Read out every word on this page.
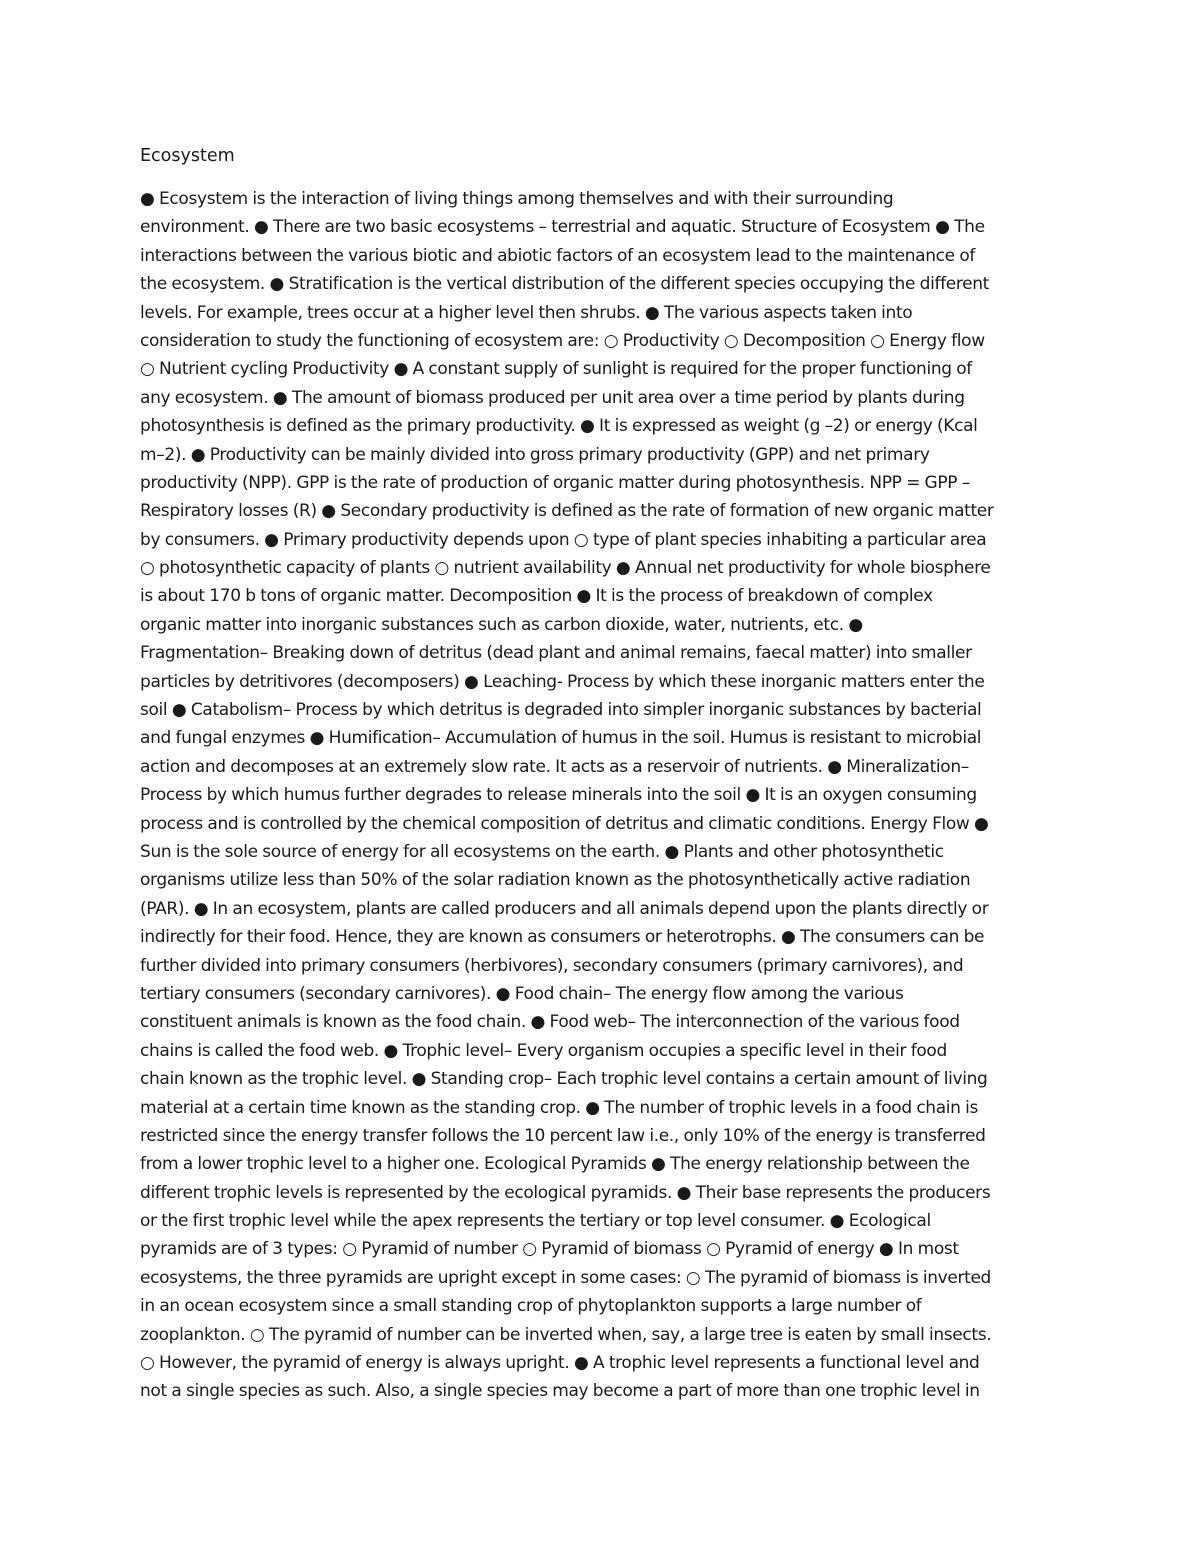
Ecosystem
● Ecosystem is the interaction of living things among themselves and with their surrounding
environment. ● There are two basic ecosystems – terrestrial and aquatic. Structure of Ecosystem ● The
interactions between the various biotic and abiotic factors of an ecosystem lead to the maintenance of
the ecosystem. ● Stratification is the vertical distribution of the different species occupying the different
levels. For example, trees occur at a higher level then shrubs. ● The various aspects taken into
consideration to study the functioning of ecosystem are: ○ Productivity ○ Decomposition ○ Energy flow
○ Nutrient cycling Productivity ● A constant supply of sunlight is required for the proper functioning of
any ecosystem. ● The amount of biomass produced per unit area over a time period by plants during
photosynthesis is defined as the primary productivity. ● It is expressed as weight (g –2) or energy (Kcal
m–2). ● Productivity can be mainly divided into gross primary productivity (GPP) and net primary
productivity (NPP). GPP is the rate of production of organic matter during photosynthesis. NPP = GPP –
Respiratory losses (R) ● Secondary productivity is defined as the rate of formation of new organic matter
by consumers. ● Primary productivity depends upon ○ type of plant species inhabiting a particular area
○ photosynthetic capacity of plants ○ nutrient availability ● Annual net productivity for whole biosphere
is about 170 b tons of organic matter. Decomposition ● It is the process of breakdown of complex
organic matter into inorganic substances such as carbon dioxide, water, nutrients, etc. ●
Fragmentation– Breaking down of detritus (dead plant and animal remains, faecal matter) into smaller
particles by detritivores (decomposers) ● Leaching- Process by which these inorganic matters enter the
soil ● Catabolism– Process by which detritus is degraded into simpler inorganic substances by bacterial
and fungal enzymes ● Humification– Accumulation of humus in the soil. Humus is resistant to microbial
action and decomposes at an extremely slow rate. It acts as a reservoir of nutrients. ● Mineralization–
Process by which humus further degrades to release minerals into the soil ● It is an oxygen consuming
process and is controlled by the chemical composition of detritus and climatic conditions. Energy Flow ●
Sun is the sole source of energy for all ecosystems on the earth. ● Plants and other photosynthetic
organisms utilize less than 50% of the solar radiation known as the photosynthetically active radiation
(PAR). ● In an ecosystem, plants are called producers and all animals depend upon the plants directly or
indirectly for their food. Hence, they are known as consumers or heterotrophs. ● The consumers can be
further divided into primary consumers (herbivores), secondary consumers (primary carnivores), and
tertiary consumers (secondary carnivores). ● Food chain– The energy flow among the various
constituent animals is known as the food chain. ● Food web– The interconnection of the various food
chains is called the food web. ● Trophic level– Every organism occupies a specific level in their food
chain known as the trophic level. ● Standing crop– Each trophic level contains a certain amount of living
material at a certain time known as the standing crop. ● The number of trophic levels in a food chain is
restricted since the energy transfer follows the 10 percent law i.e., only 10% of the energy is transferred
from a lower trophic level to a higher one. Ecological Pyramids ● The energy relationship between the
different trophic levels is represented by the ecological pyramids. ● Their base represents the producers
or the first trophic level while the apex represents the tertiary or top level consumer. ● Ecological
pyramids are of 3 types: ○ Pyramid of number ○ Pyramid of biomass ○ Pyramid of energy ● In most
ecosystems, the three pyramids are upright except in some cases: ○ The pyramid of biomass is inverted
in an ocean ecosystem since a small standing crop of phytoplankton supports a large number of
zooplankton. ○ The pyramid of number can be inverted when, say, a large tree is eaten by small insects.
○ However, the pyramid of energy is always upright. ● A trophic level represents a functional level and
not a single species as such. Also, a single species may become a part of more than one trophic level in
